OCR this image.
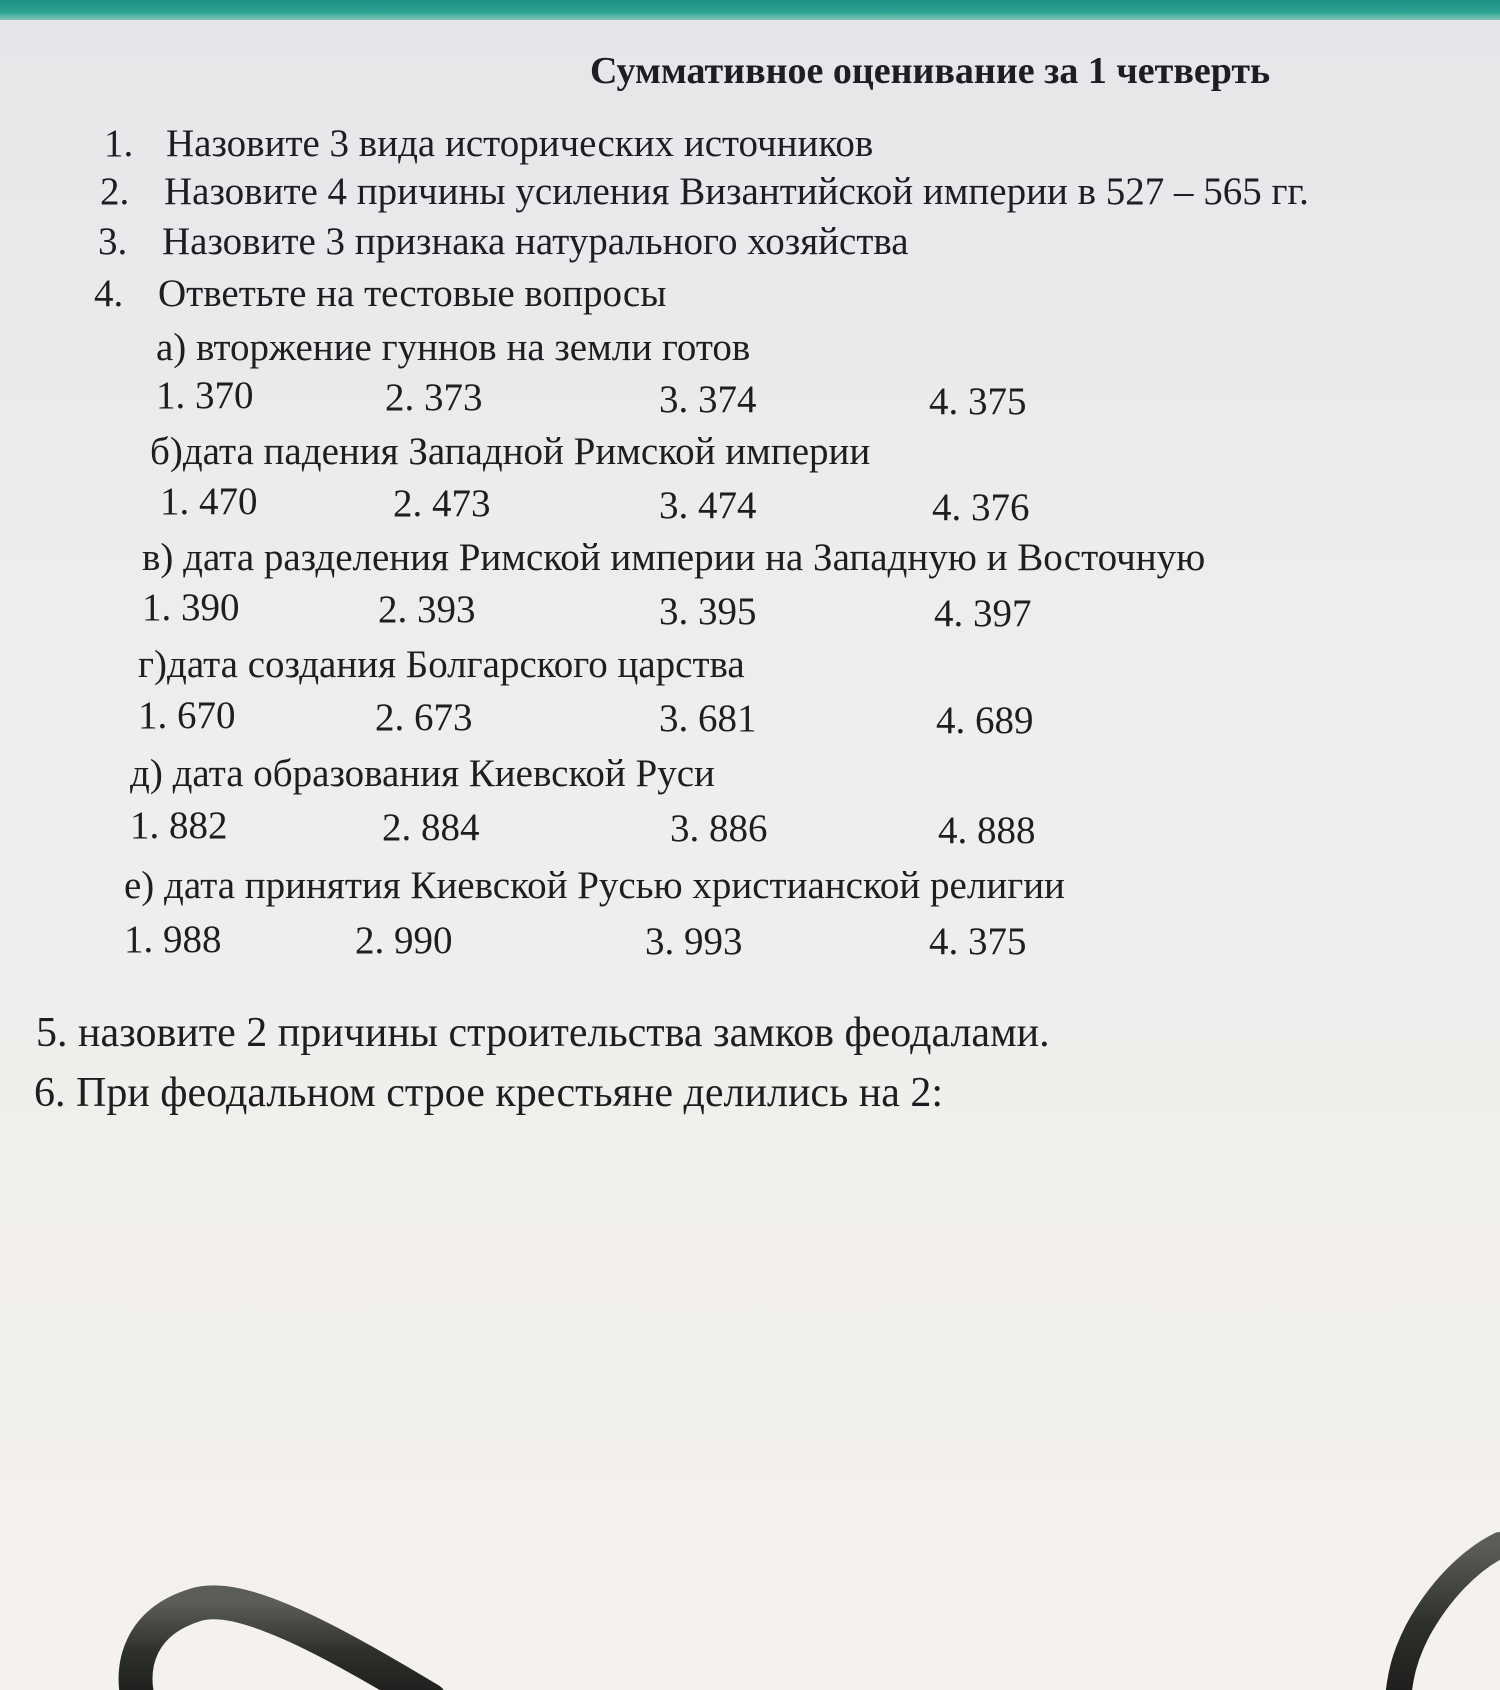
Суммативное оценивание за 1 четверть
1. Назовите 3 вида исторических источников
2. Назовите 4 причины усиления Византийской империи в 527 – 565 гг.
3. Назовите 3 признака натурального хозяйства
4. Ответьте на тестовые вопросы
а) вторжение гуннов на земли готов
1. 370	2. 373	3. 374	4. 375
б)дата падения Западной Римской империи
1. 470	2. 473	3. 474	4. 376
в) дата разделения Римской империи на Западную и Восточную
1. 390	2. 393	3. 395	4. 397
г)дата создания Болгарского царства
1. 670	2. 673	3. 681	4. 689
д) дата образования Киевской Руси
1. 882	2. 884	3. 886	4. 888
е) дата принятия Киевской Русью христианской религии
1. 988	2. 990	3. 993	4. 375
5. назовите 2 причины строительства замков феодалами.
6. При феодальном строе крестьяне делились на 2:
